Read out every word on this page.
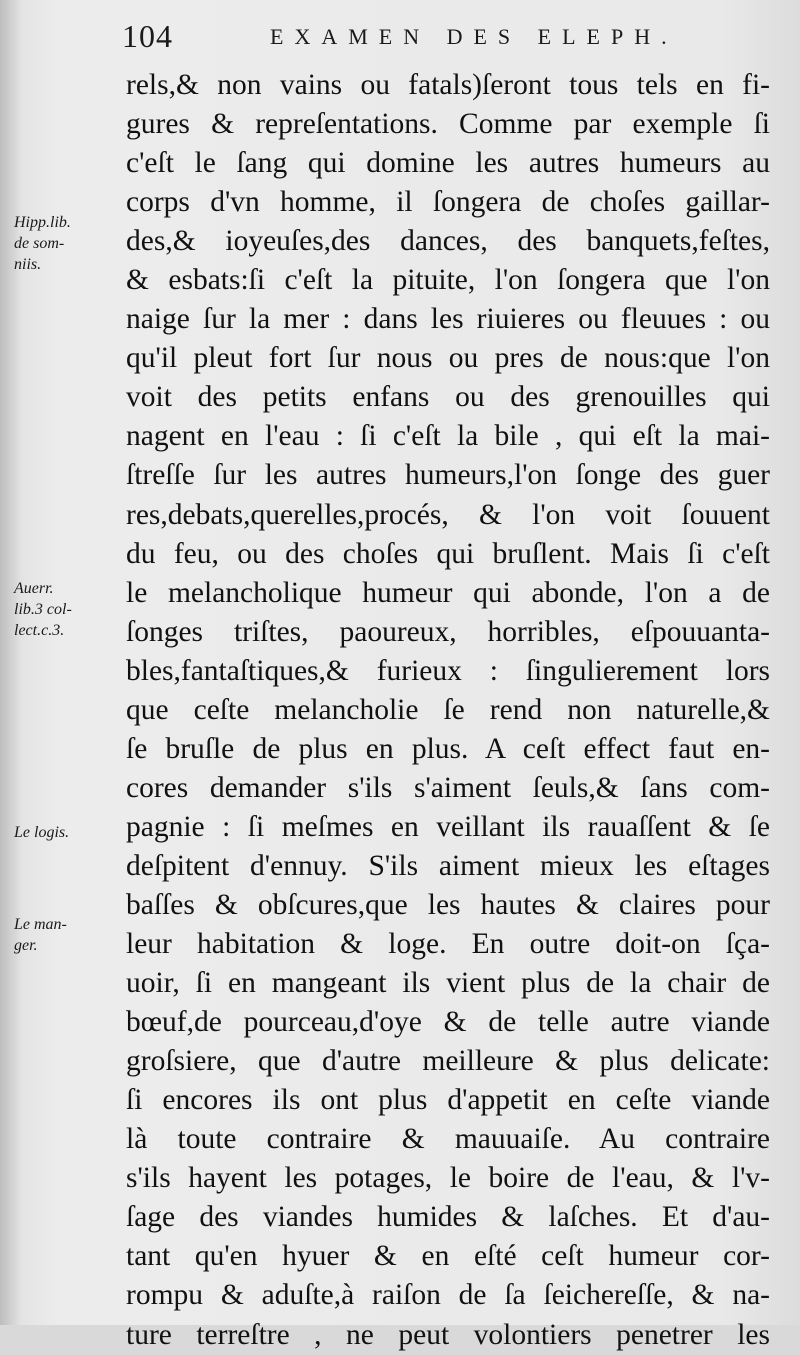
104	EXAMEN DES ELEPH.
Hipp.lib.
de som-
niis.
Auerr.
lib.3 col-
lect.c.3.
Le logis.
Le man-
ger.
rels,& non vains ou fatals)ſeront tous tels en fi-
gures & repreſentations. Comme par exemple ſi
c'eſt le ſang qui domine les autres humeurs au
corps d'vn homme, il ſongera de choſes gaillar-
des,& ioyeuſes,des dances, des banquets,feſtes,
& esbats:ſi c'eſt la pituite, l'on ſongera que l'on
naige ſur la mer : dans les riuieres ou fleuues : ou
qu'il pleut fort ſur nous ou pres de nous:que l'on
voit des petits enfans ou des grenouilles qui
nagent en l'eau : ſi c'eſt la bile , qui eſt la mai-
ſtreſſe ſur les autres humeurs,l'on ſonge des guer
res,debats,querelles,procés, & l'on voit ſouuent
du feu, ou des choſes qui bruſlent. Mais ſi c'eſt
le melancholique humeur qui abonde, l'on a de
ſonges triſtes, paoureux, horribles, eſpouuanta-
bles,fantaſtiques,& furieux : ſingulierement lors
que ceſte melancholie ſe rend non naturelle,&
ſe bruſle de plus en plus. A ceſt effect faut en-
cores demander s'ils s'aiment ſeuls,& ſans com-
pagnie : ſi meſmes en veillant ils rauaſſent & ſe
deſpitent d'ennuy. S'ils aiment mieux les eſtages
baſſes & obſcures,que les hautes & claires pour
leur habitation & loge. En outre doit-on ſça-
uoir, ſi en mangeant ils vient plus de la chair de
bœuf,de pourceau,d'oye & de telle autre viande
groſsiere, que d'autre meilleure & plus delicate:
ſi encores ils ont plus d'appetit en ceſte viande
là toute contraire & mauuaiſe. Au contraire
s'ils hayent les potages, le boire de l'eau, & l'v-
ſage des viandes humides & laſches. Et d'au-
tant qu'en hyuer & en eſté ceſt humeur cor-
rompu & aduſte,à raiſon de ſa ſeichereſſe, & na-
ture terreſtre , ne peut volontiers penetrer les
